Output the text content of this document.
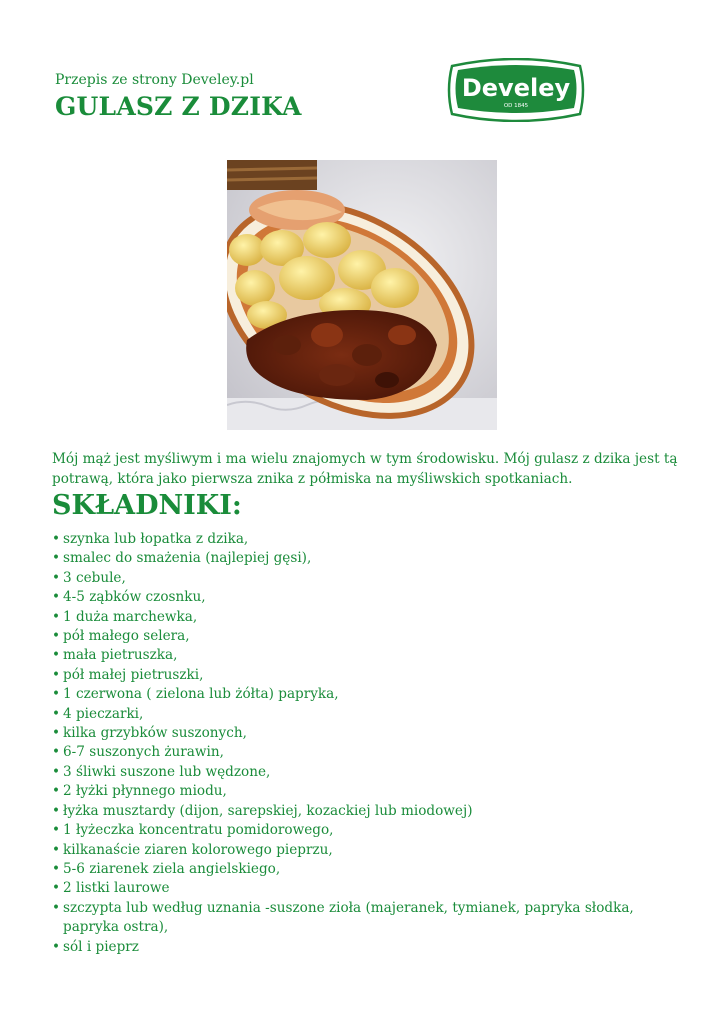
Przepis ze strony Develey.pl
GULASZ Z DZIKA
Develey
OD 1845

Mój mąż jest myśliwym i ma wielu znajomych w tym środowisku. Mój gulasz z dzika jest tą potrawą, która jako pierwsza znika z półmiska na myśliwskich spotkaniach.

SKŁADNIKI:
• szynka lub łopatka z dzika,
• smalec do smażenia (najlepiej gęsi),
• 3 cebule,
• 4-5 ząbków czosnku,
• 1 duża marchewka,
• pół małego selera,
• mała pietruszka,
• pół małej pietruszki,
• 1 czerwona ( zielona lub żółta) papryka,
• 4 pieczarki,
• kilka grzybków suszonych,
• 6-7 suszonych żurawin,
• 3 śliwki suszone lub wędzone,
• 2 łyżki płynnego miodu,
• łyżka musztardy (dijon, sarepskiej, kozackiej lub miodowej)
• 1 łyżeczka koncentratu pomidorowego,
• kilkanaście ziaren kolorowego pieprzu,
• 5-6 ziarenek ziela angielskiego,
• 2 listki laurowe
• szczypta lub według uznania -suszone zioła (majeranek, tymianek, papryka słodka, papryka ostra),
• sól i pieprz
